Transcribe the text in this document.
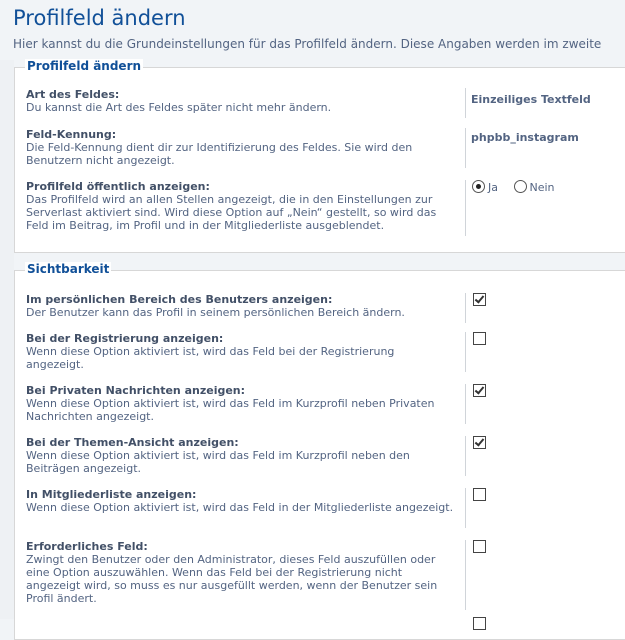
Profilfeld ändern

Hier kannst du die Grundeinstellungen für das Profilfeld ändern. Diese Angaben werden im zweite

Profilfeld ändern
Art des Feldes:
Du kannst die Art des Feldes später nicht mehr ändern.
Einzeiliges Textfeld
Feld-Kennung:
Die Feld-Kennung dient dir zur Identifizierung des Feldes. Sie wird den Benutzern nicht angezeigt.
phpbb_instagram
Profilfeld öffentlich anzeigen:
Das Profilfeld wird an allen Stellen angezeigt, die in den Einstellungen zur Serverlast aktiviert sind. Wird diese Option auf „Nein“ gestellt, so wird das Feld im Beitrag, im Profil und in der Mitgliederliste ausgeblendet.
Ja	Nein
Sichtbarkeit
Im persönlichen Bereich des Benutzers anzeigen:
Der Benutzer kann das Profil in seinem persönlichen Bereich ändern.
Bei der Registrierung anzeigen:
Wenn diese Option aktiviert ist, wird das Feld bei der Registrierung angezeigt.
Bei Privaten Nachrichten anzeigen:
Wenn diese Option aktiviert ist, wird das Feld im Kurzprofil neben Privaten Nachrichten angezeigt.
Bei der Themen-Ansicht anzeigen:
Wenn diese Option aktiviert ist, wird das Feld im Kurzprofil neben den Beiträgen angezeigt.
In Mitgliederliste anzeigen:
Wenn diese Option aktiviert ist, wird das Feld in der Mitgliederliste angezeigt.
Erforderliches Feld:
Zwingt den Benutzer oder den Administrator, dieses Feld auszufüllen oder eine Option auszuwählen. Wenn das Feld bei der Registrierung nicht angezeigt wird, so muss es nur ausgefüllt werden, wenn der Benutzer sein Profil ändert.
